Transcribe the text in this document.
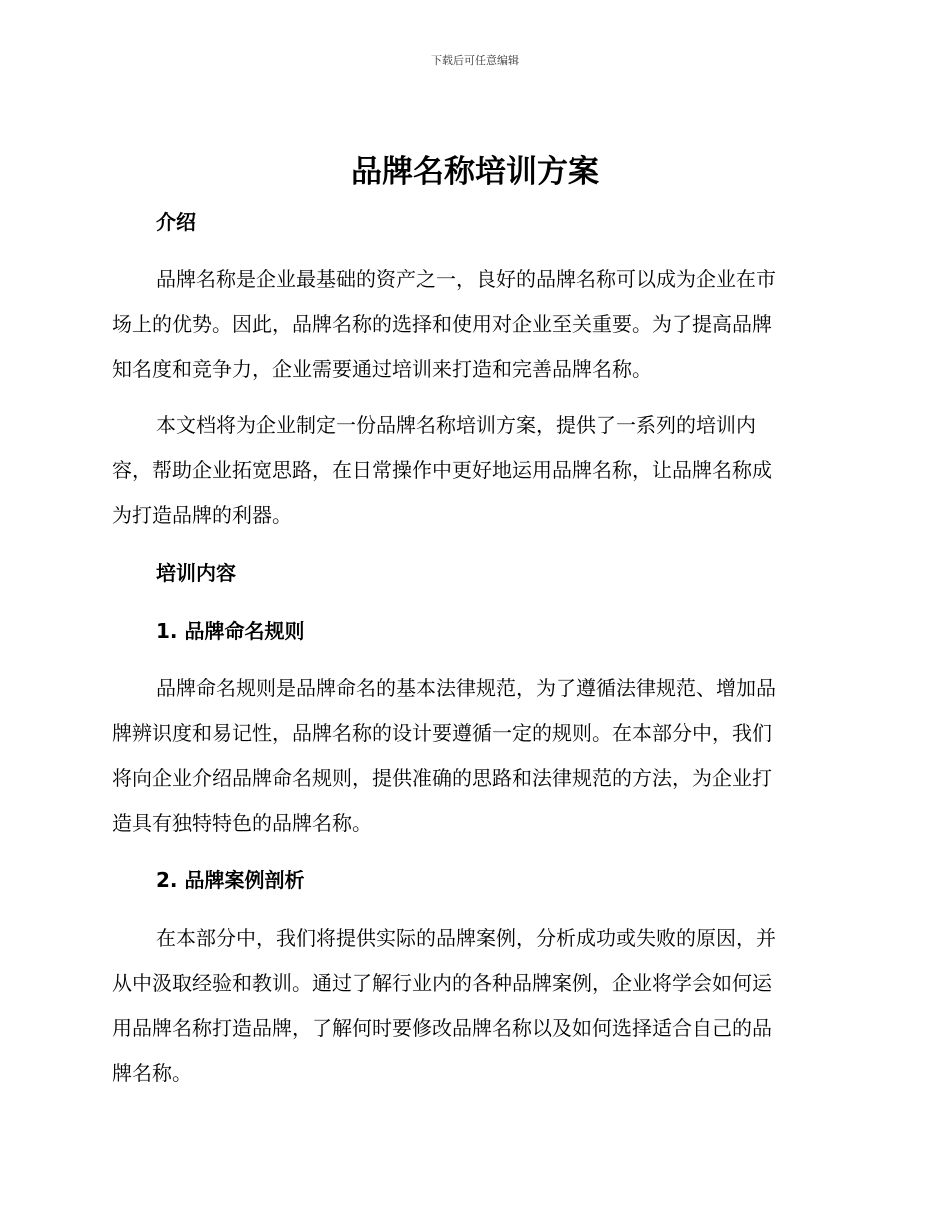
下载后可任意编辑
品牌名称培训方案
介绍

品牌名称是企业最基础的资产之一，良好的品牌名称可以成为企业在市
场上的优势。因此，品牌名称的选择和使用对企业至关重要。为了提高品牌
知名度和竞争力，企业需要通过培训来打造和完善品牌名称。

本文档将为企业制定一份品牌名称培训方案，提供了一系列的培训内
容，帮助企业拓宽思路，在日常操作中更好地运用品牌名称，让品牌名称成
为打造品牌的利器。

培训内容
1. 品牌命名规则

品牌命名规则是品牌命名的基本法律规范，为了遵循法律规范、增加品
牌辨识度和易记性，品牌名称的设计要遵循一定的规则。在本部分中，我们
将向企业介绍品牌命名规则，提供准确的思路和法律规范的方法，为企业打
造具有独特特色的品牌名称。

2. 品牌案例剖析

在本部分中，我们将提供实际的品牌案例，分析成功或失败的原因，并
从中汲取经验和教训。通过了解行业内的各种品牌案例，企业将学会如何运
用品牌名称打造品牌，了解何时要修改品牌名称以及如何选择适合自己的品
牌名称。
